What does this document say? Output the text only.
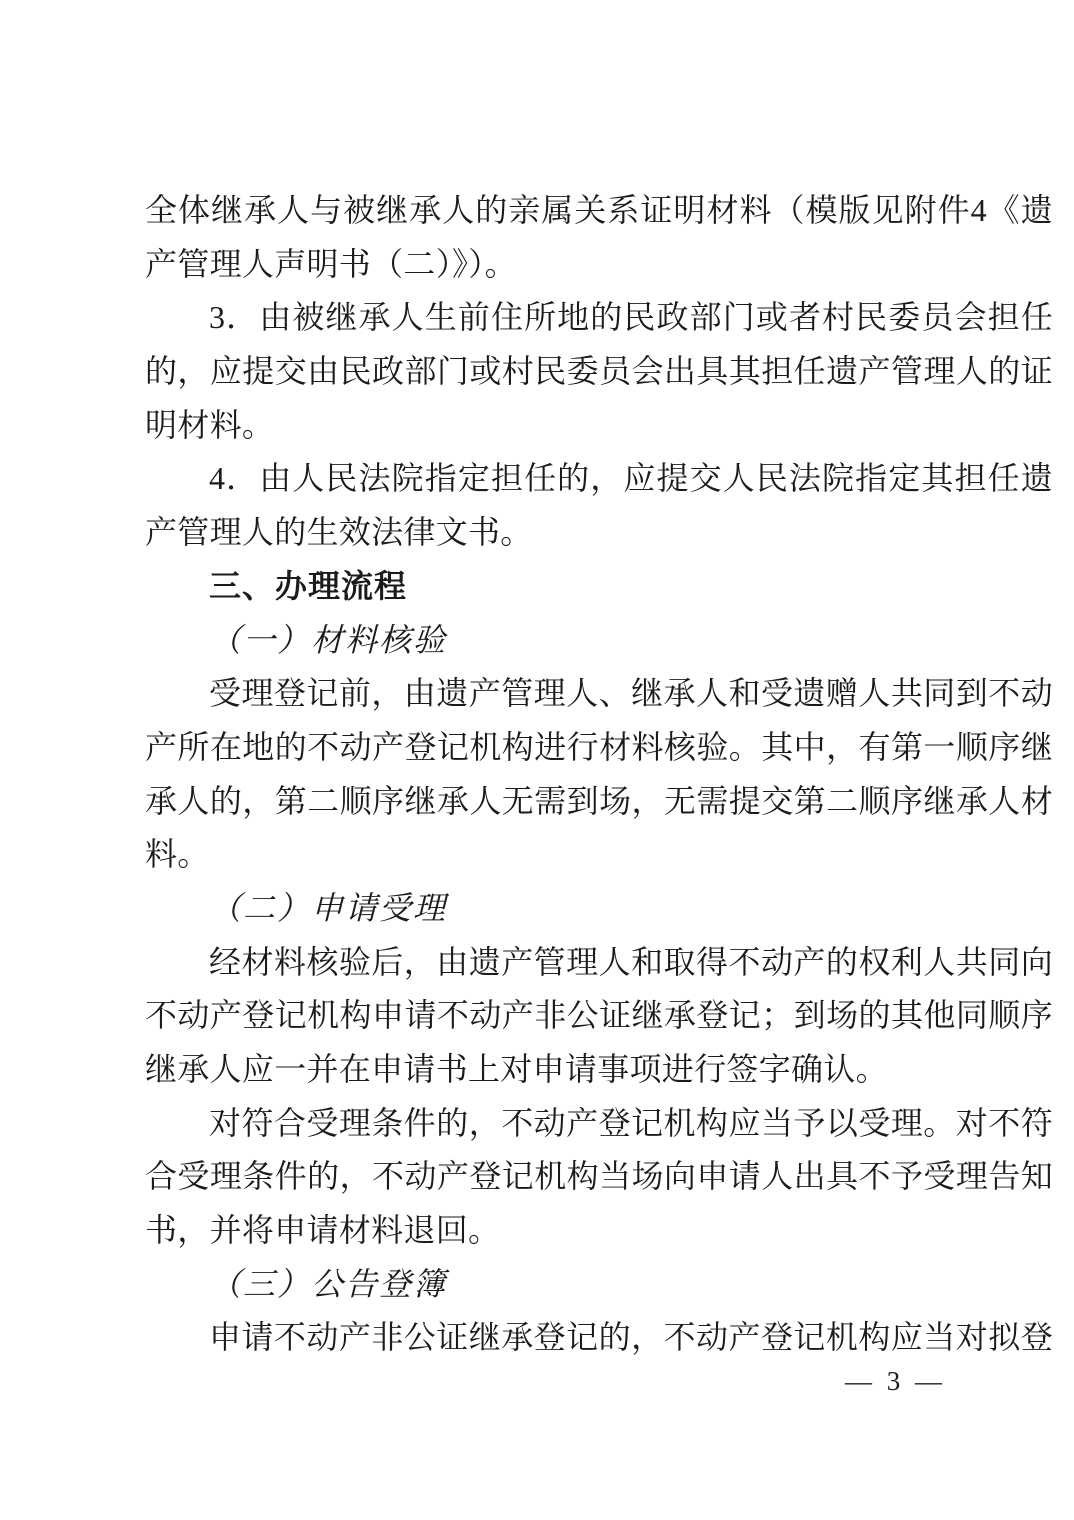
全体继承人与被继承人的亲属关系证明材料（模版见附件4《遗
产管理人声明书（二）》）。
3．由被继承人生前住所地的民政部门或者村民委员会担任
的，应提交由民政部门或村民委员会出具其担任遗产管理人的证
明材料。
4．由人民法院指定担任的，应提交人民法院指定其担任遗
产管理人的生效法律文书。
三、办理流程
（一）材料核验
受理登记前，由遗产管理人、继承人和受遗赠人共同到不动
产所在地的不动产登记机构进行材料核验。其中，有第一顺序继
承人的，第二顺序继承人无需到场，无需提交第二顺序继承人材
料。
（二）申请受理
经材料核验后，由遗产管理人和取得不动产的权利人共同向
不动产登记机构申请不动产非公证继承登记；到场的其他同顺序
继承人应一并在申请书上对申请事项进行签字确认。
对符合受理条件的，不动产登记机构应当予以受理。对不符
合受理条件的，不动产登记机构当场向申请人出具不予受理告知
书，并将申请材料退回。
（三）公告登簿
申请不动产非公证继承登记的，不动产登记机构应当对拟登
— 3 —
